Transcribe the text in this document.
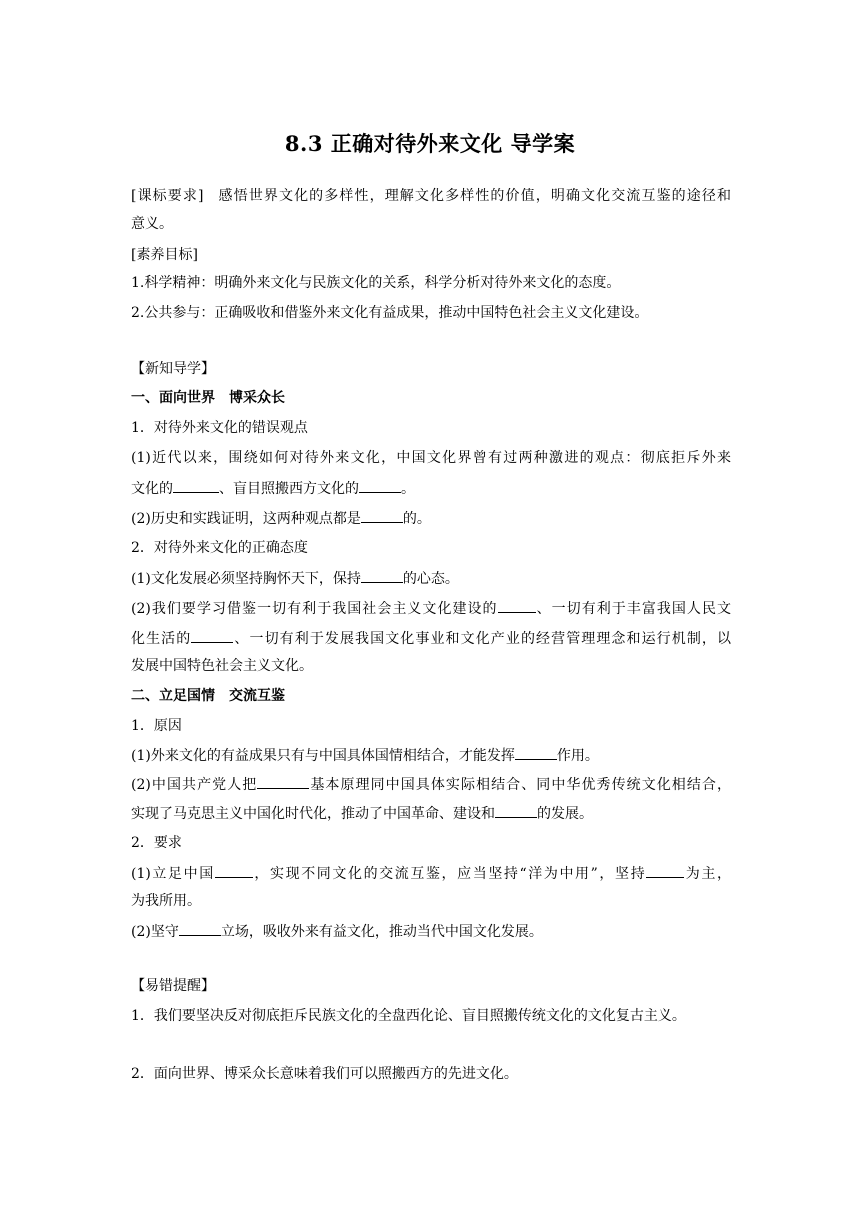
8.3 正确对待外来文化 导学案
[课标要求] 感悟世界文化的多样性，理解文化多样性的价值，明确文化交流互鉴的途径和
意义。
[素养目标]
1.科学精神：明确外来文化与民族文化的关系，科学分析对待外来文化的态度。
2.公共参与：正确吸收和借鉴外来文化有益成果，推动中国特色社会主义文化建设。
【新知导学】
一、面向世界　博采众长
1．对待外来文化的错误观点
(1)近代以来，围绕如何对待外来文化，中国文化界曾有过两种激进的观点：彻底拒斥外来
文化的	、盲目照搬西方文化的	。
(2)历史和实践证明，这两种观点都是	的。
2．对待外来文化的正确态度
(1)文化发展必须坚持胸怀天下，保持	的心态。
(2)我们要学习借鉴一切有利于我国社会主义文化建设的	、一切有利于丰富我国人民文
化生活的	、一切有利于发展我国文化事业和文化产业的经营管理理念和运行机制，以
发展中国特色社会主义文化。
二、立足国情　交流互鉴
1．原因
(1)外来文化的有益成果只有与中国具体国情相结合，才能发挥	作用。
(2)中国共产党人把	基本原理同中国具体实际相结合、同中华优秀传统文化相结合，
实现了马克思主义中国化时代化，推动了中国革命、建设和	的发展。
2．要求
(1)立足中国	，实现不同文化的交流互鉴，应当坚持“洋为中用”，坚持	为主，
为我所用。
(2)坚守	立场，吸收外来有益文化，推动当代中国文化发展。
【易错提醒】
1．我们要坚决反对彻底拒斥民族文化的全盘西化论、盲目照搬传统文化的文化复古主义。
2．面向世界、博采众长意味着我们可以照搬西方的先进文化。
